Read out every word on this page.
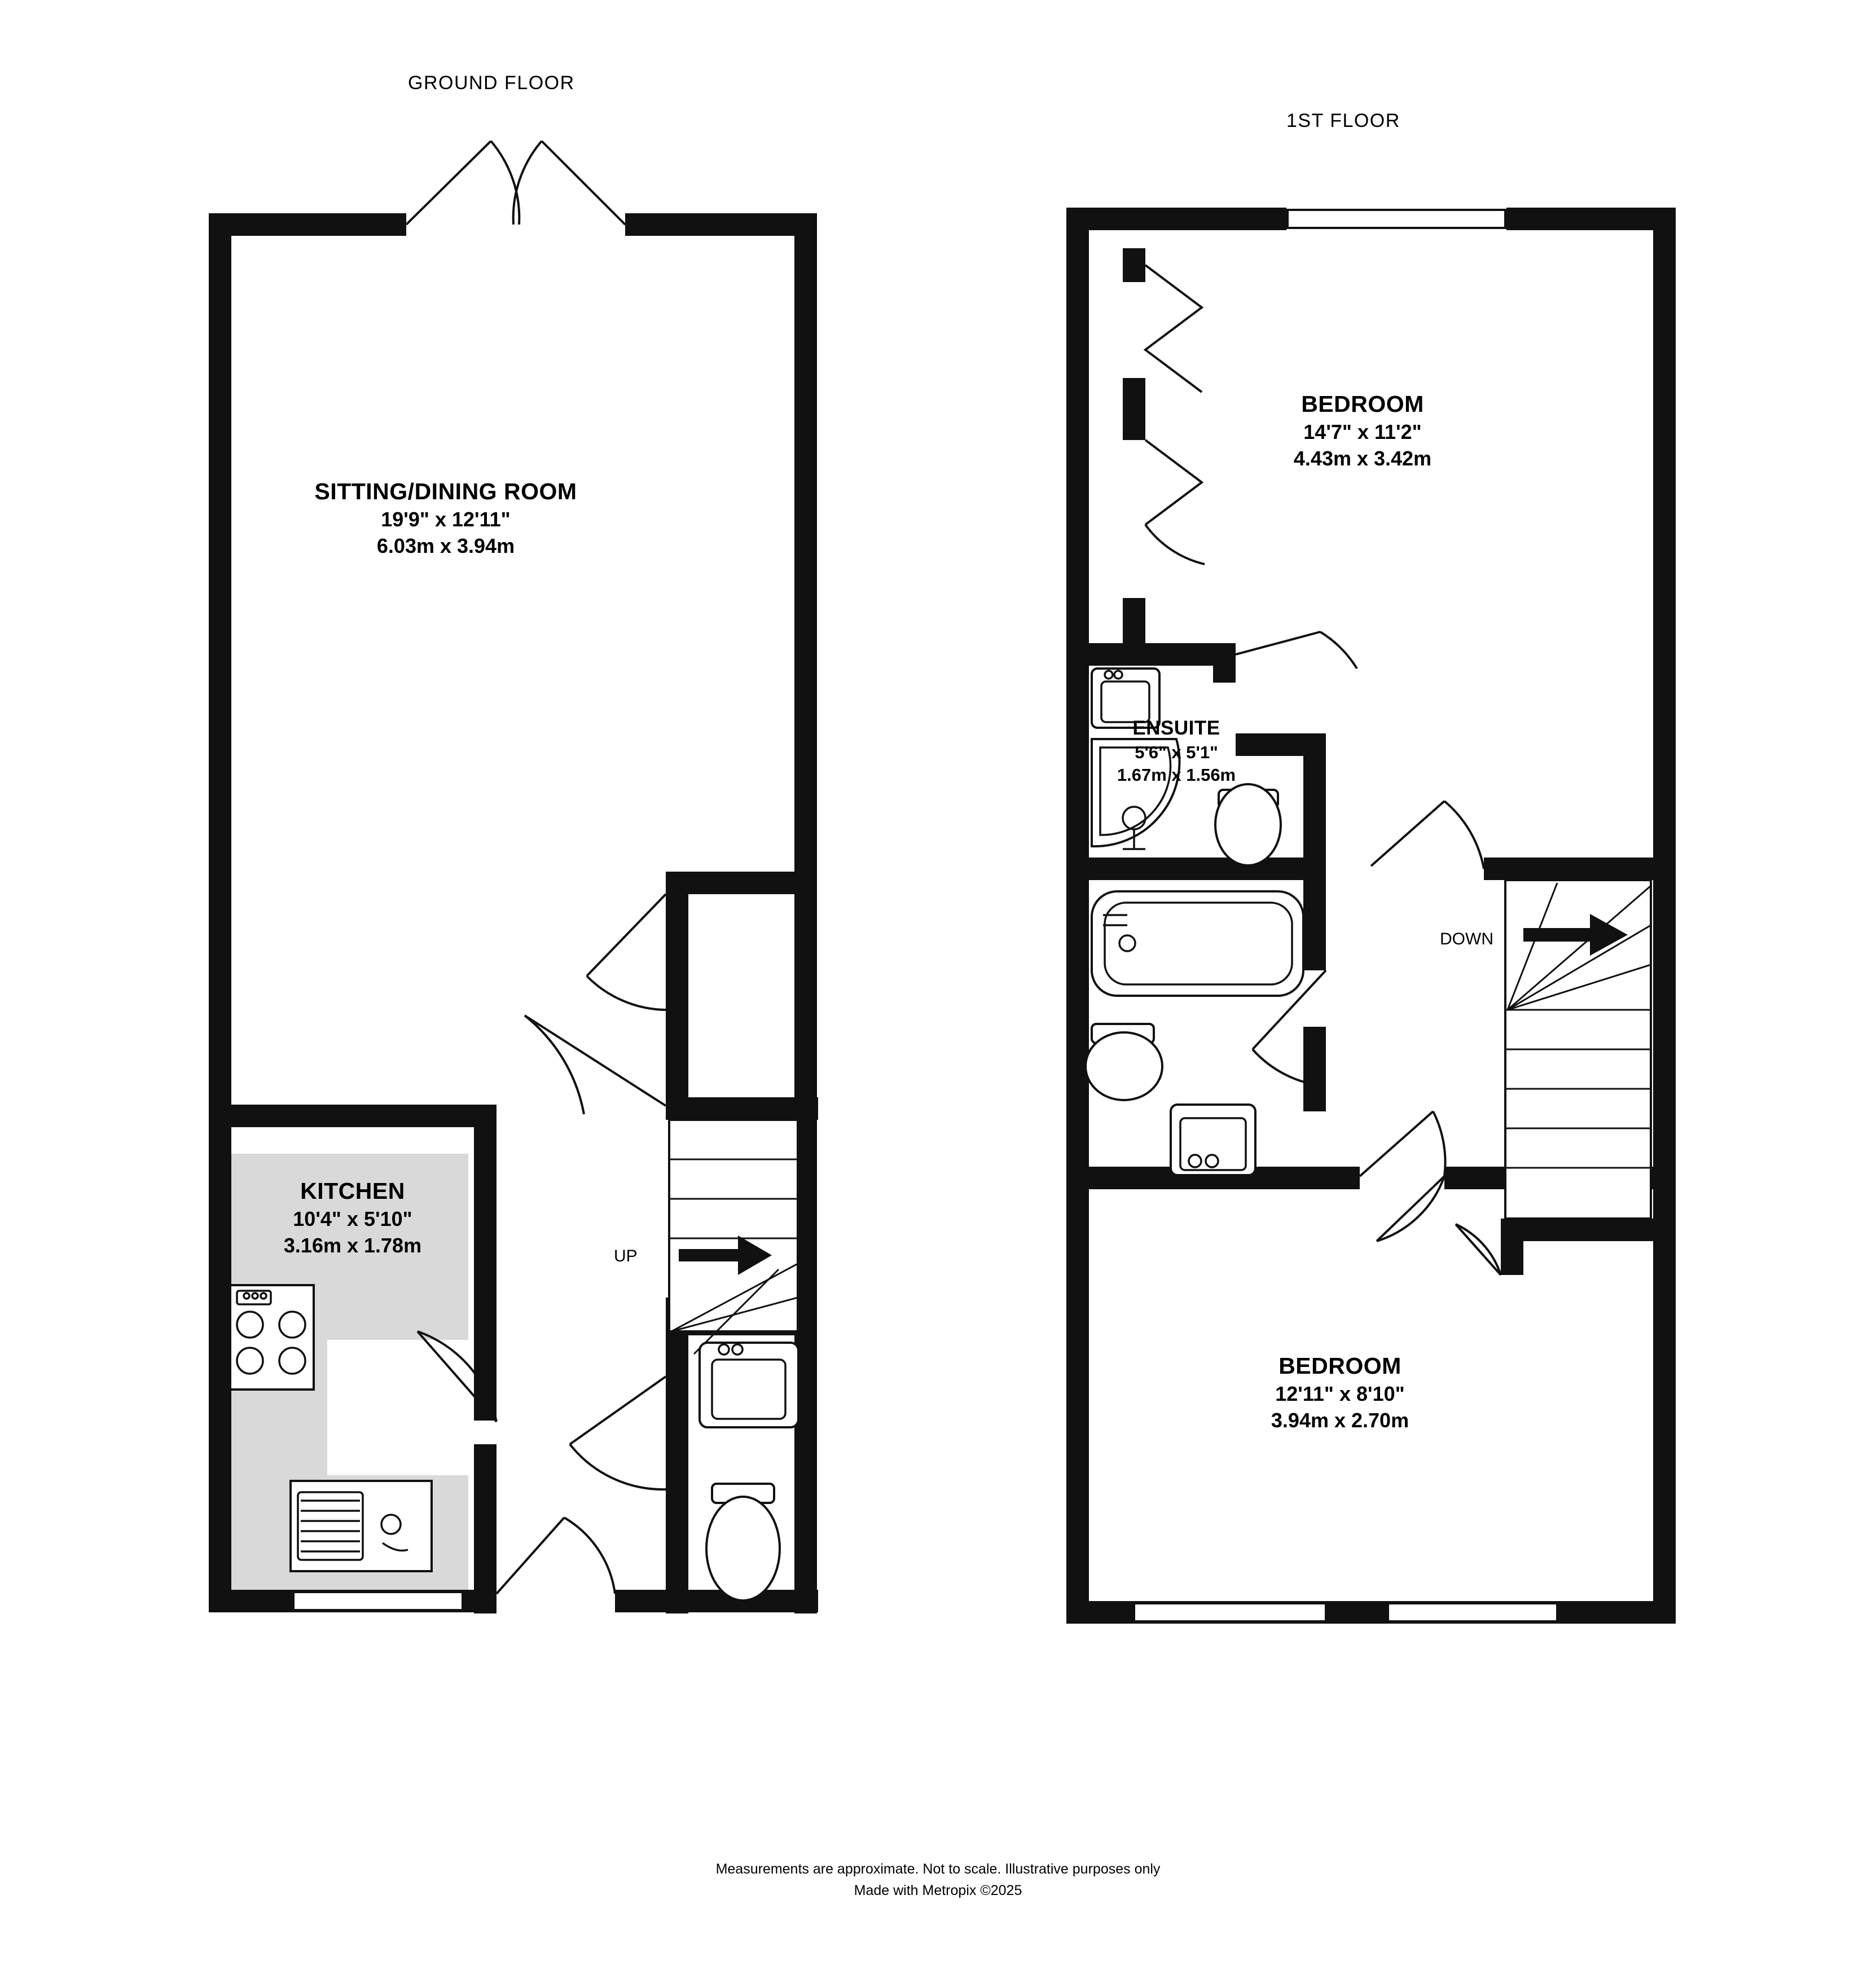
GROUND FLOOR
1ST FLOOR
SITTING/DINING ROOM
19'9" x 12'11"
6.03m x 3.94m
KITCHEN
10'4" x 5'10"
3.16m x 1.78m	UP
BEDROOM
14'7" x 11'2"
4.43m x 3.42m
ENSUITE
5'6" x 5'1"
1.67m x 1.56m
BEDROOM
12'11" x 8'10"
3.94m x 2.70m
DOWN
Measurements are approximate. Not to scale. Illustrative purposes only
Made with Metropix ©2025
